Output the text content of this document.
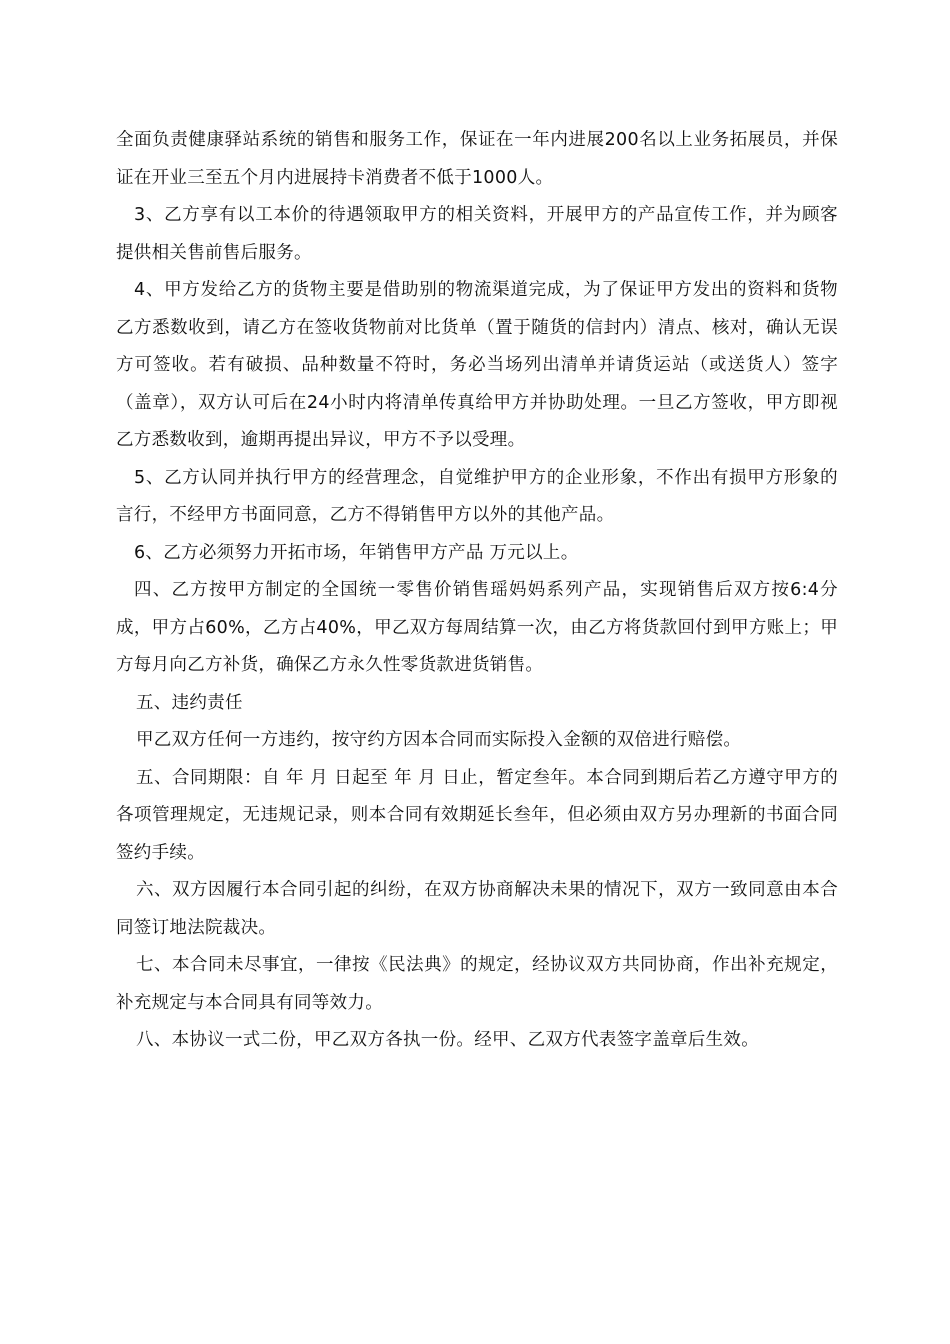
全面负责健康驿站系统的销售和服务工作，保证在一年内进展200名以上业务拓展员，并保证在开业三至五个月内进展持卡消费者不低于1000人。

3、乙方享有以工本价的待遇领取甲方的相关资料，开展甲方的产品宣传工作，并为顾客提供相关售前售后服务。

4、甲方发给乙方的货物主要是借助别的物流渠道完成，为了保证甲方发出的资料和货物乙方悉数收到，请乙方在签收货物前对比货单（置于随货的信封内）清点、核对，确认无误方可签收。若有破损、品种数量不符时，务必当场列出清单并请货运站（或送货人）签字（盖章），双方认可后在24小时内将清单传真给甲方并协助处理。一旦乙方签收，甲方即视乙方悉数收到，逾期再提出异议，甲方不予以受理。

5、乙方认同并执行甲方的经营理念，自觉维护甲方的企业形象，不作出有损甲方形象的言行，不经甲方书面同意，乙方不得销售甲方以外的其他产品。

6、乙方必须努力开拓市场，年销售甲方产品 万元以上。

四、乙方按甲方制定的全国统一零售价销售瑶妈妈系列产品，实现销售后双方按6:4分成，甲方占60%，乙方占40%，甲乙双方每周结算一次，由乙方将货款回付到甲方账上；甲方每月向乙方补货，确保乙方永久性零货款进货销售。

五、违约责任

甲乙双方任何一方违约，按守约方因本合同而实际投入金额的双倍进行赔偿。

五、合同期限：自 年 月 日起至 年 月 日止，暂定叁年。本合同到期后若乙方遵守甲方的各项管理规定，无违规记录，则本合同有效期延长叁年，但必须由双方另办理新的书面合同签约手续。

六、双方因履行本合同引起的纠纷，在双方协商解决未果的情况下，双方一致同意由本合同签订地法院裁决。

七、本合同未尽事宜，一律按《民法典》的规定，经协议双方共同协商，作出补充规定，补充规定与本合同具有同等效力。

八、本协议一式二份，甲乙双方各执一份。经甲、乙双方代表签字盖章后生效。
